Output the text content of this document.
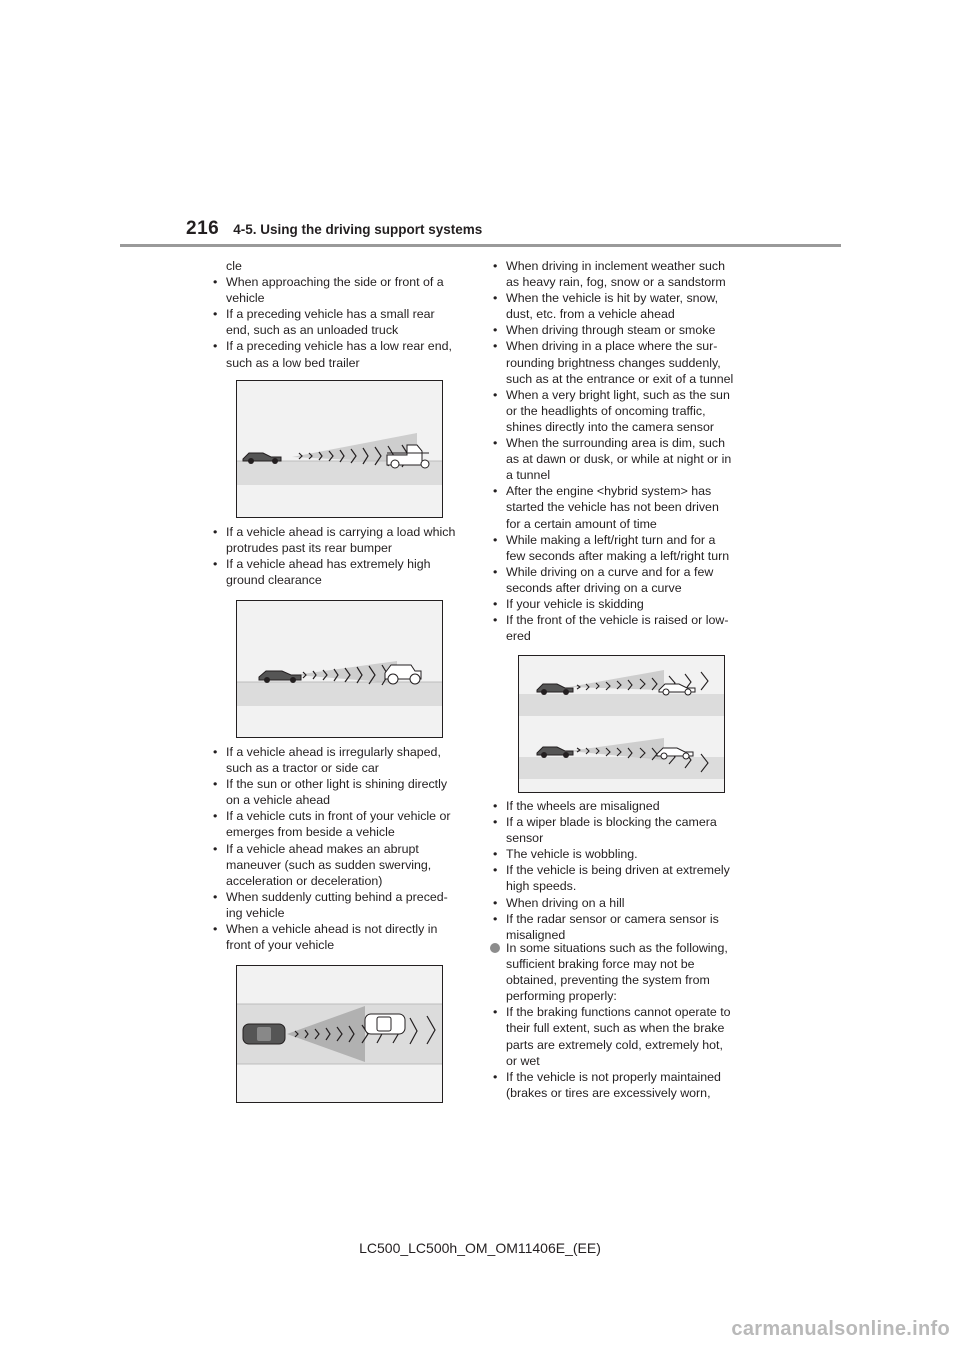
216 4-5. Using the driving support systems

cle

• When approaching the side or front of a

vehicle

• If a preceding vehicle has a small rear

end, such as an unloaded truck

• If a preceding vehicle has a low rear end,

such as a low bed trailer

• If a vehicle ahead is carrying a load which

protrudes past its rear bumper

• If a vehicle ahead has extremely high

ground clearance

• If a vehicle ahead is irregularly shaped,

such as a tractor or side car

• If the sun or other light is shining directly

on a vehicle ahead

• If a vehicle cuts in front of your vehicle or

emerges from beside a vehicle

• If a vehicle ahead makes an abrupt

maneuver (such as sudden swerving,

acceleration or deceleration)

• When suddenly cutting behind a preced-

ing vehicle

• When a vehicle ahead is not directly in

front of your vehicle

• When driving in inclement weather such

as heavy rain, fog, snow or a sandstorm

• When the vehicle is hit by water, snow,

dust, etc. from a vehicle ahead

• When driving through steam or smoke

• When driving in a place where the sur-

rounding brightness changes suddenly,

such as at the entrance or exit of a tunnel

• When a very bright light, such as the sun

or the headlights of oncoming traffic,

shines directly into the camera sensor

• When the surrounding area is dim, such

as at dawn or dusk, or while at night or in

a tunnel

• After the engine <hybrid system> has

started the vehicle has not been driven

for a certain amount of time

• While making a left/right turn and for a

few seconds after making a left/right turn

• While driving on a curve and for a few

seconds after driving on a curve

• If your vehicle is skidding

• If the front of the vehicle is raised or low-

ered

• If the wheels are misaligned

• If a wiper blade is blocking the camera

sensor

• The vehicle is wobbling.

• If the vehicle is being driven at extremely

high speeds.

• When driving on a hill

• If the radar sensor or camera sensor is

misaligned

In some situations such as the following,

sufficient braking force may not be

obtained, preventing the system from

performing properly:

• If the braking functions cannot operate to

their full extent, such as when the brake

parts are extremely cold, extremely hot,

or wet

• If the vehicle is not properly maintained

(brakes or tires are excessively worn,

LC500_LC500h_OM_OM11406E_(EE)
carmanualsonline.info
